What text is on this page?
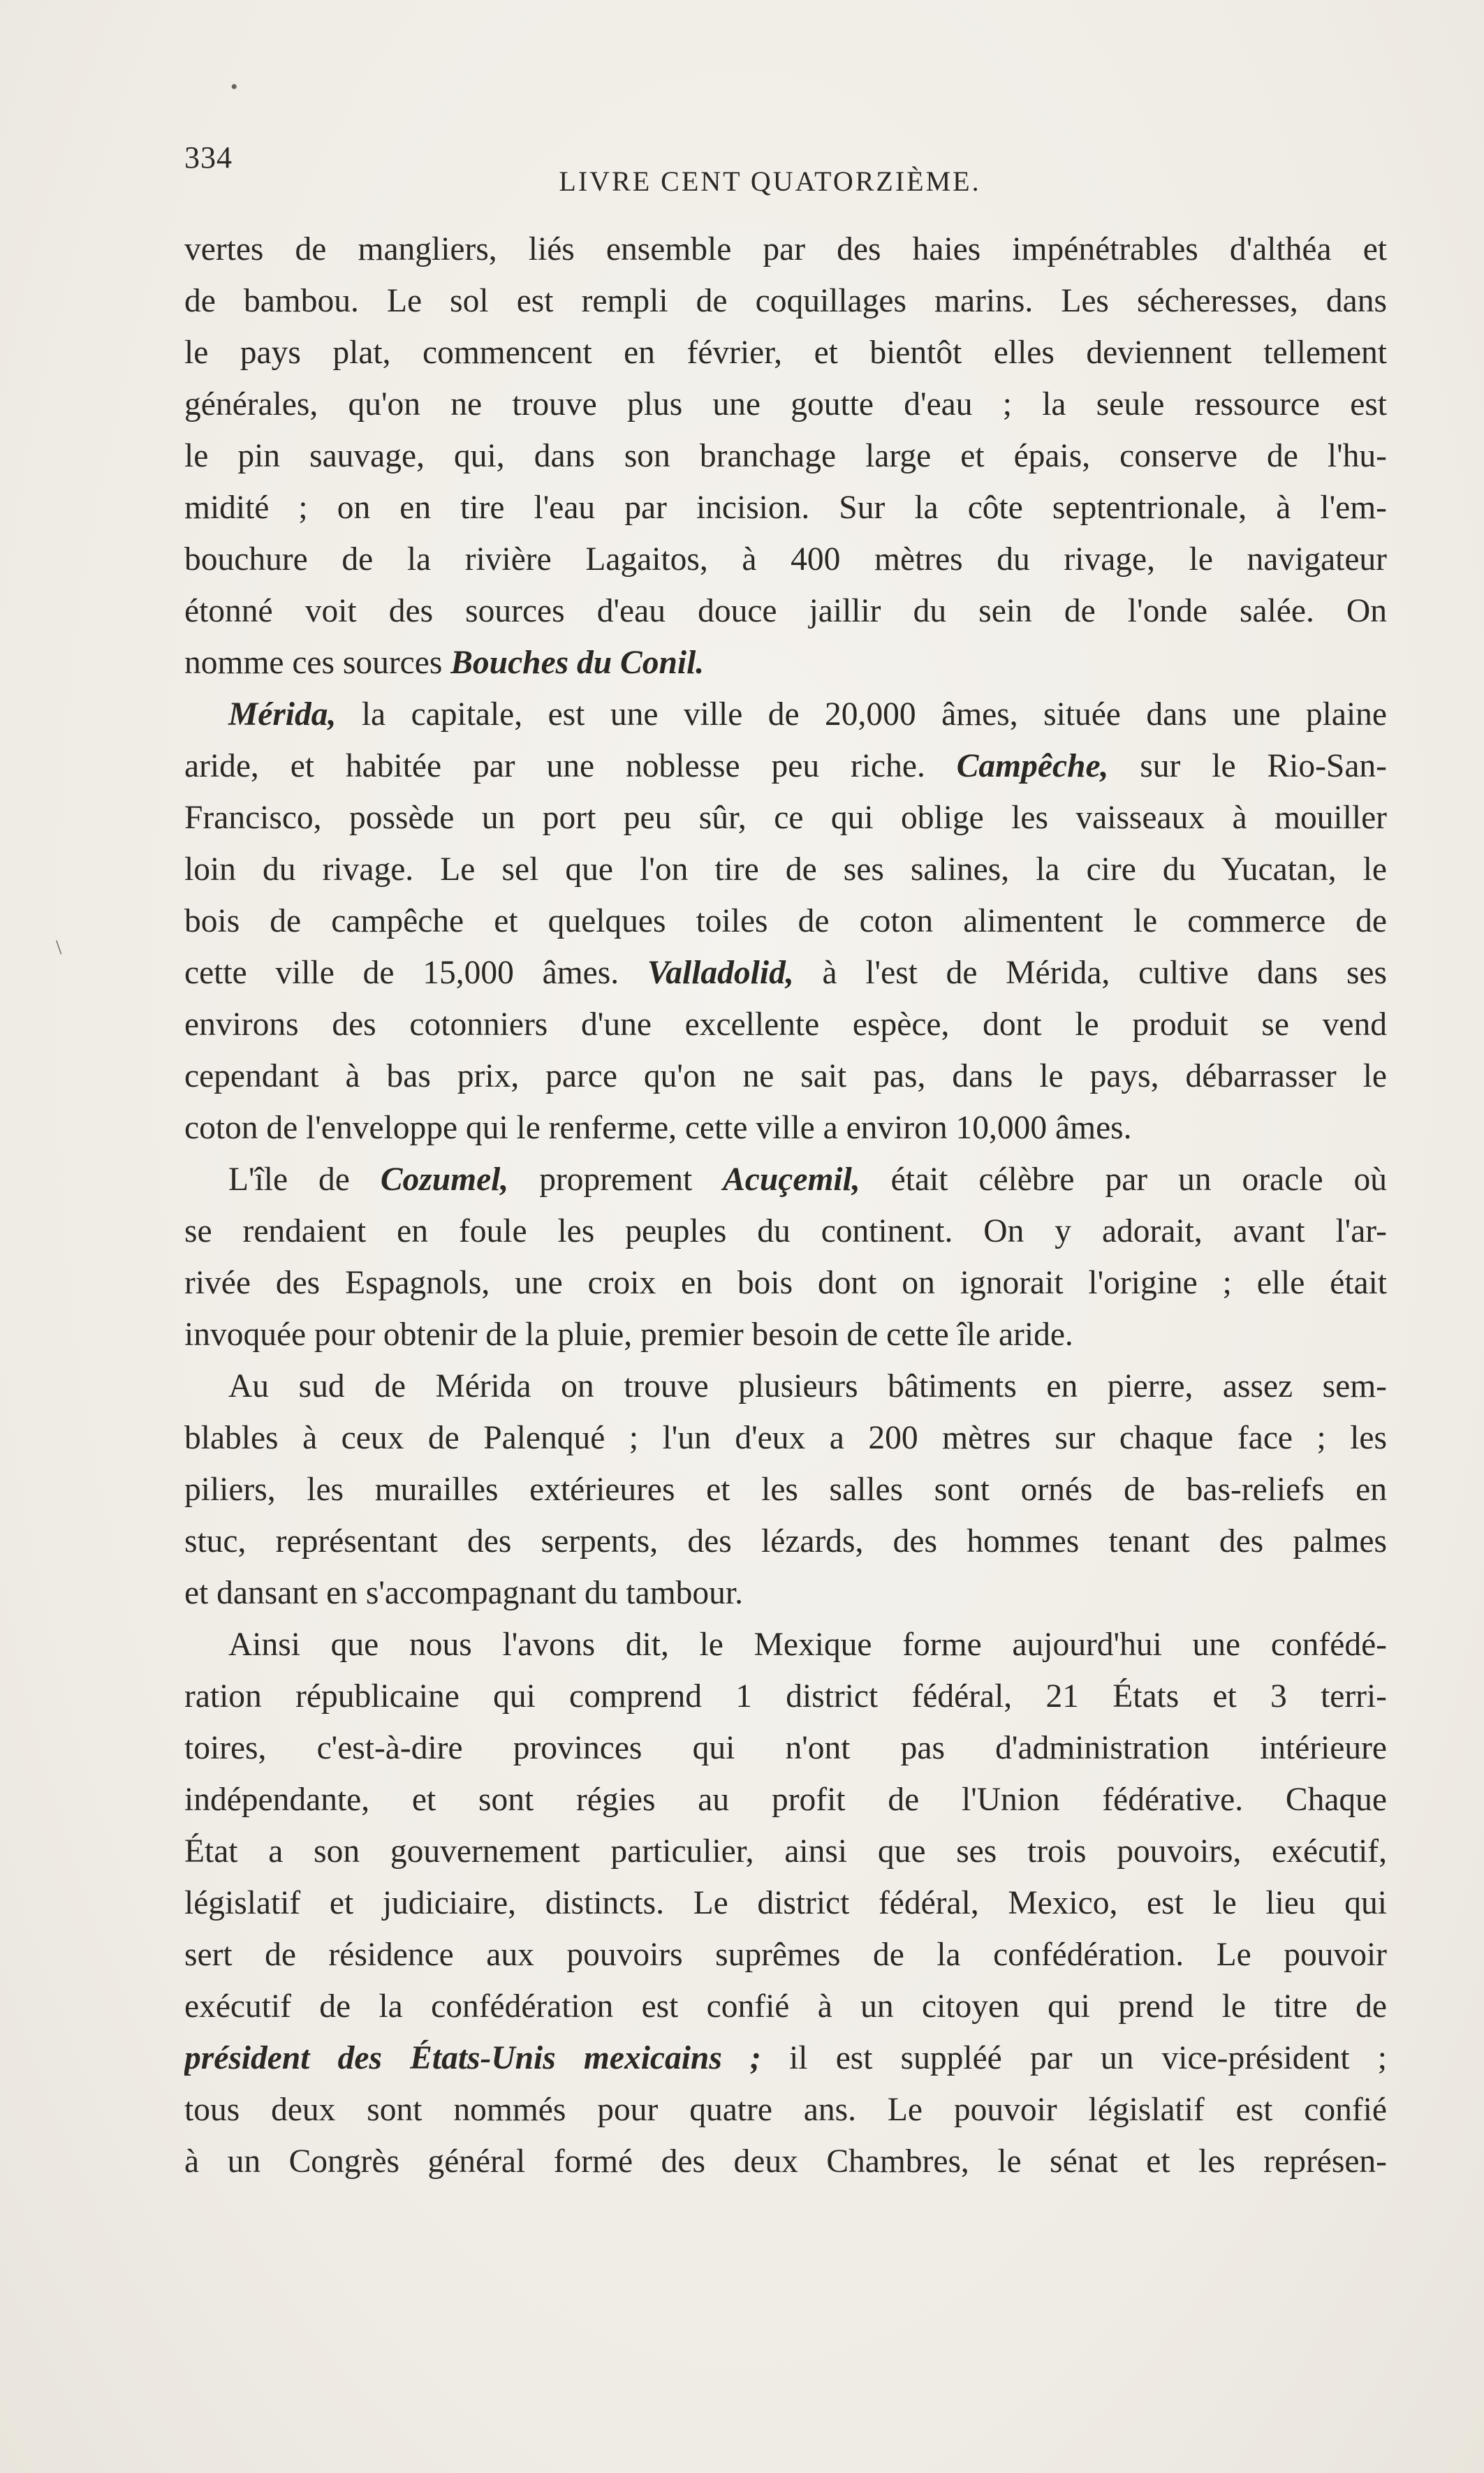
•
\
334
LIVRE CENT QUATORZIÈME.
vertes de mangliers, liés ensemble par des haies impénétrables d'althéa et
de bambou. Le sol est rempli de coquillages marins. Les sécheresses, dans
le pays plat, commencent en février, et bientôt elles deviennent tellement
générales, qu'on ne trouve plus une goutte d'eau ; la seule ressource est
le pin sauvage, qui, dans son branchage large et épais, conserve de l'hu-
midité ; on en tire l'eau par incision. Sur la côte septentrionale, à l'em-
bouchure de la rivière Lagaitos, à 400 mètres du rivage, le navigateur
étonné voit des sources d'eau douce jaillir du sein de l'onde salée. On
nomme ces sources Bouches du Conil.
Mérida, la capitale, est une ville de 20,000 âmes, située dans une plaine
aride, et habitée par une noblesse peu riche. Campêche, sur le Rio-San-
Francisco, possède un port peu sûr, ce qui oblige les vaisseaux à mouiller
loin du rivage. Le sel que l'on tire de ses salines, la cire du Yucatan, le
bois de campêche et quelques toiles de coton alimentent le commerce de
cette ville de 15,000 âmes. Valladolid, à l'est de Mérida, cultive dans ses
environs des cotonniers d'une excellente espèce, dont le produit se vend
cependant à bas prix, parce qu'on ne sait pas, dans le pays, débarrasser le
coton de l'enveloppe qui le renferme, cette ville a environ 10,000 âmes.
L'île de Cozumel, proprement Acuçemil, était célèbre par un oracle où
se rendaient en foule les peuples du continent. On y adorait, avant l'ar-
rivée des Espagnols, une croix en bois dont on ignorait l'origine ; elle était
invoquée pour obtenir de la pluie, premier besoin de cette île aride.
Au sud de Mérida on trouve plusieurs bâtiments en pierre, assez sem-
blables à ceux de Palenqué ; l'un d'eux a 200 mètres sur chaque face ; les
piliers, les murailles extérieures et les salles sont ornés de bas-reliefs en
stuc, représentant des serpents, des lézards, des hommes tenant des palmes
et dansant en s'accompagnant du tambour.
Ainsi que nous l'avons dit, le Mexique forme aujourd'hui une confédé-
ration républicaine qui comprend 1 district fédéral, 21 États et 3 terri-
toires, c'est-à-dire provinces qui n'ont pas d'administration intérieure
indépendante, et sont régies au profit de l'Union fédérative. Chaque
État a son gouvernement particulier, ainsi que ses trois pouvoirs, exécutif,
législatif et judiciaire, distincts. Le district fédéral, Mexico, est le lieu qui
sert de résidence aux pouvoirs suprêmes de la confédération. Le pouvoir
exécutif de la confédération est confié à un citoyen qui prend le titre de
président des États-Unis mexicains ; il est suppléé par un vice-président ;
tous deux sont nommés pour quatre ans. Le pouvoir législatif est confié
à un Congrès général formé des deux Chambres, le sénat et les représen-
